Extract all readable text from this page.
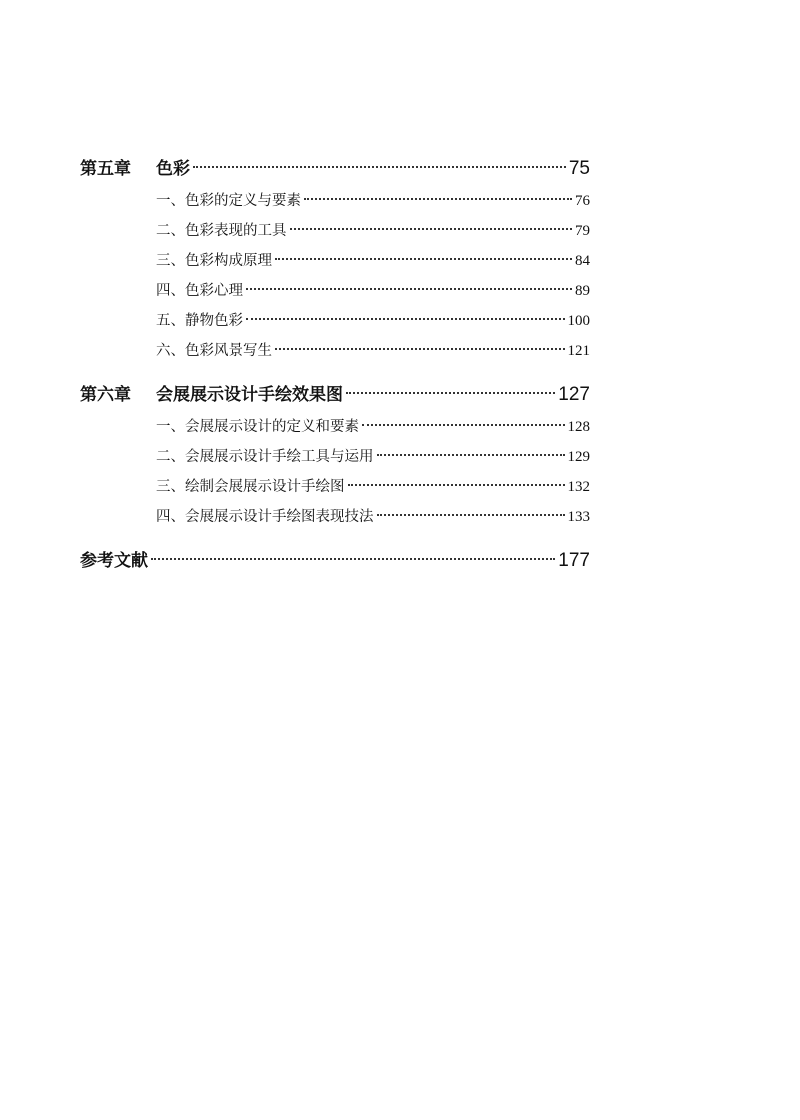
第五章	色彩	75
一、色彩的定义与要素	76
二、色彩表现的工具	79
三、色彩构成原理	84
四、色彩心理	89
五、静物色彩	100
六、色彩风景写生	121
第六章	会展展示设计手绘效果图	127
一、会展展示设计的定义和要素	128
二、会展展示设计手绘工具与运用	129
三、绘制会展展示设计手绘图	132
四、会展展示设计手绘图表现技法	133
参考文献	177
